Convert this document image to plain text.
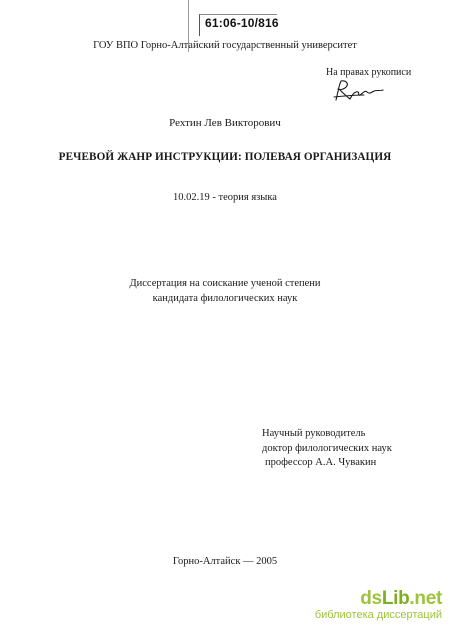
61:06-10/816
ГОУ ВПО Горно-Алтайский государственный университет
На правах рукописи
Рехтин Лев Викторович
РЕЧЕВОЙ ЖАНР ИНСТРУКЦИИ: ПОЛЕВАЯ ОРГАНИЗАЦИЯ
10.02.19 - теория языка
Диссертация на соискание ученой степени
кандидата филологических наук
Научный руководитель
доктор филологических наук
профессор А.А. Чувакин
Горно-Алтайск — 2005
dsLib.net
библиотека диссертаций
